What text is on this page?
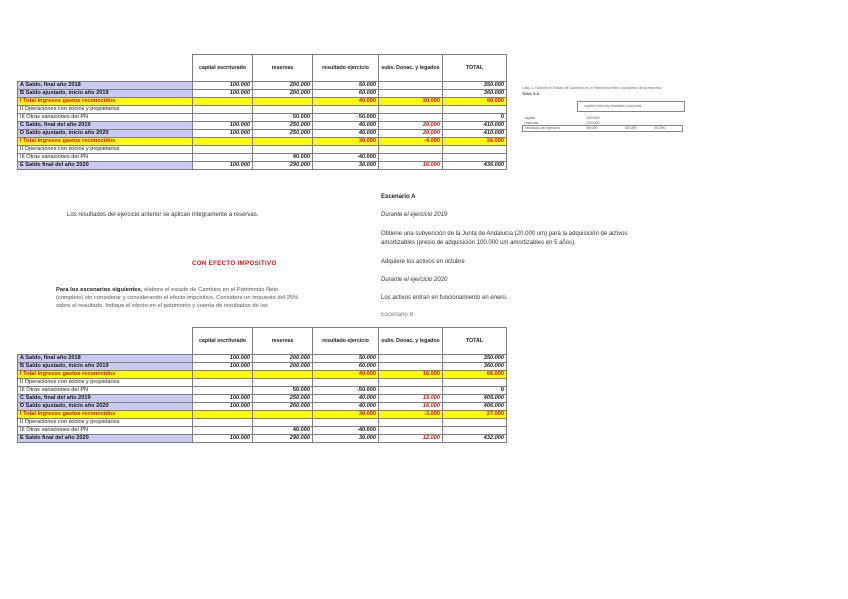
	capital escriturado	reservas	resultado ejercicio	subv. Donac. y legados	TOTAL
A Saldo, final año 2018	100.000	200.000	50.000		350.000
B Saldo ajustado, inicio año 2019	100.000	200.000	60.000		360.000
I Total ingresos gastos reconocidos			40.000	20.000	60.000
II Operaciones con socios y propietarios					
III Otras variaciones del PN		50.000	-50.000		0
C Saldo, final del año 2019	100.000	250.000	40.000	20.000	410.000
D Saldo ajustado, inicio año 2020	100.000	250.000	40.000	20.000	410.000
I Total ingresos gastos reconocidos			30.000	-4.000	26.000
II Operaciones con socios y propietarios					
III Otras variaciones del PN		40.000	-40.000		
E Saldo final del año 2020	100.000	290.000	30.000	16.000	436.000
Los resultados del ejercicio anterior se aplican íntegramente a reservas.
CON EFECTO IMPOSITIVO
Para los escenarios siguientes, elabore el estado de Cambios en el Patrimonio Neto
(completo) sin considerar y considerando el efecto impositivo. Considere un impuesto del 25%
sobre el resultado. Indique el efecto en el patrimonio y cuenta de resultados de las
	capital escriturado	reservas	resultado ejercicio	subv. Donac. y legados	TOTAL
A Saldo, final año 2018	100.000	200.000	50.000		350.000
B Saldo ajustado, inicio año 2019	100.000	200.000	60.000		360.000
I Total ingresos gastos reconocidos			40.000	16.000	66.000
II Operaciones con socios y propietarios					
III Otras variaciones del PN		50.000	-50.000		0
C Saldo, final del año 2019	100.000	250.000	40.000	15.000	405.000
D Saldo ajustado, inicio año 2020	100.000	260.000	40.000	16.000	406.000
I Total ingresos gastos reconocidos			30.000	-3.000	27.000
II Operaciones con socios y propietarios					
III Otras variaciones del PN		40.000	-40.000		
E Saldo final del año 2020	100.000	290.000	30.000	12.000	432.000
Escenario A
Durante el ejercicio 2019
Obtiene una subvención de la Junta de Andalucía (20.000 um) para la adquisición de activos
amortizables (precio de adquisición 100.000 um amortizables en 5 años).
Adquiere los activos en octubre
Durante el ejercicio 2020
Los activos entran en funcionamiento en enero.
Escenario B
Caso 2. Elabore el Estado de Cambios en el Patrimonio Neto (completo) de la empresa
Teller, S.A.
capital reservas resultado subv total
capital	100.000		
reservas	250.000		
resultado del ejercicio	50.000	60.000	50.000
